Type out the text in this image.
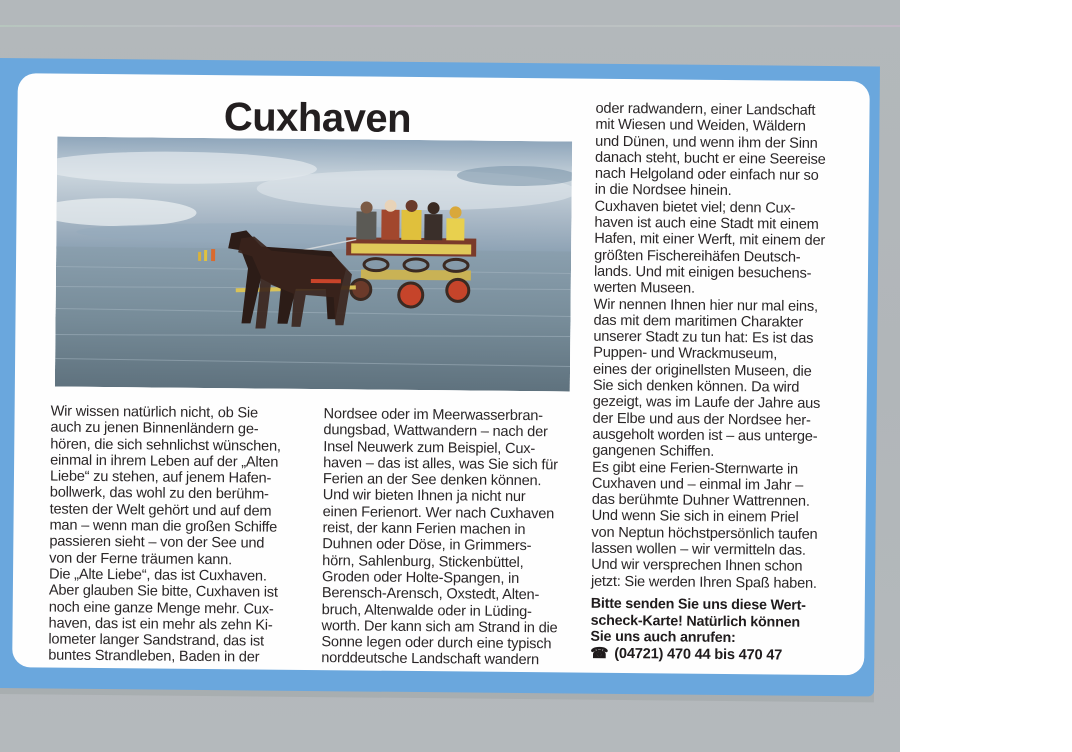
Cuxhaven

Wir wissen natürlich nicht, ob Sie

auch zu jenen Binnenländern ge-

hören, die sich sehnlichst wünschen,

einmal in ihrem Leben auf der „Alten

Liebe“ zu stehen, auf jenem Hafen-

bollwerk, das wohl zu den berühm-

testen der Welt gehört und auf dem

man – wenn man die großen Schiffe

passieren sieht – von der See und

von der Ferne träumen kann.

Die „Alte Liebe“, das ist Cuxhaven.

Aber glauben Sie bitte, Cuxhaven ist

noch eine ganze Menge mehr. Cux-

haven, das ist ein mehr als zehn Ki-

lometer langer Sandstrand, das ist

buntes Strandleben, Baden in der

Nordsee oder im Meerwasserbran-

dungsbad, Wattwandern – nach der

Insel Neuwerk zum Beispiel, Cux-

haven – das ist alles, was Sie sich für

Ferien an der See denken können.

Und wir bieten Ihnen ja nicht nur

einen Ferienort. Wer nach Cuxhaven

reist, der kann Ferien machen in

Duhnen oder Döse, in Grimmers-

hörn, Sahlenburg, Stickenbüttel,

Groden oder Holte-Spangen, in

Berensch-Arensch, Oxstedt, Alten-

bruch, Altenwalde oder in Lüding-

worth. Der kann sich am Strand in die

Sonne legen oder durch eine typisch

norddeutsche Landschaft wandern

oder radwandern, einer Landschaft

mit Wiesen und Weiden, Wäldern

und Dünen, und wenn ihm der Sinn

danach steht, bucht er eine Seereise

nach Helgoland oder einfach nur so

in die Nordsee hinein.

Cuxhaven bietet viel; denn Cux-

haven ist auch eine Stadt mit einem

Hafen, mit einer Werft, mit einem der

größten Fischereihäfen Deutsch-

lands. Und mit einigen besuchens-

werten Museen.

Wir nennen Ihnen hier nur mal eins,

das mit dem maritimen Charakter

unserer Stadt zu tun hat: Es ist das

Puppen- und Wrackmuseum,

eines der originellsten Museen, die

Sie sich denken können. Da wird

gezeigt, was im Laufe der Jahre aus

der Elbe und aus der Nordsee her-

ausgeholt worden ist – aus unterge-

gangenen Schiffen.

Es gibt eine Ferien-Sternwarte in

Cuxhaven und – einmal im Jahr –

das berühmte Duhner Wattrennen.

Und wenn Sie sich in einem Priel

von Neptun höchstpersönlich taufen

lassen wollen – wir vermitteln das.

Und wir versprechen Ihnen schon

jetzt: Sie werden Ihren Spaß haben.

Bitte senden Sie uns diese Wert-

scheck-Karte! Natürlich können

Sie uns auch anrufen:

☎ (04721) 470 44 bis 470 47
